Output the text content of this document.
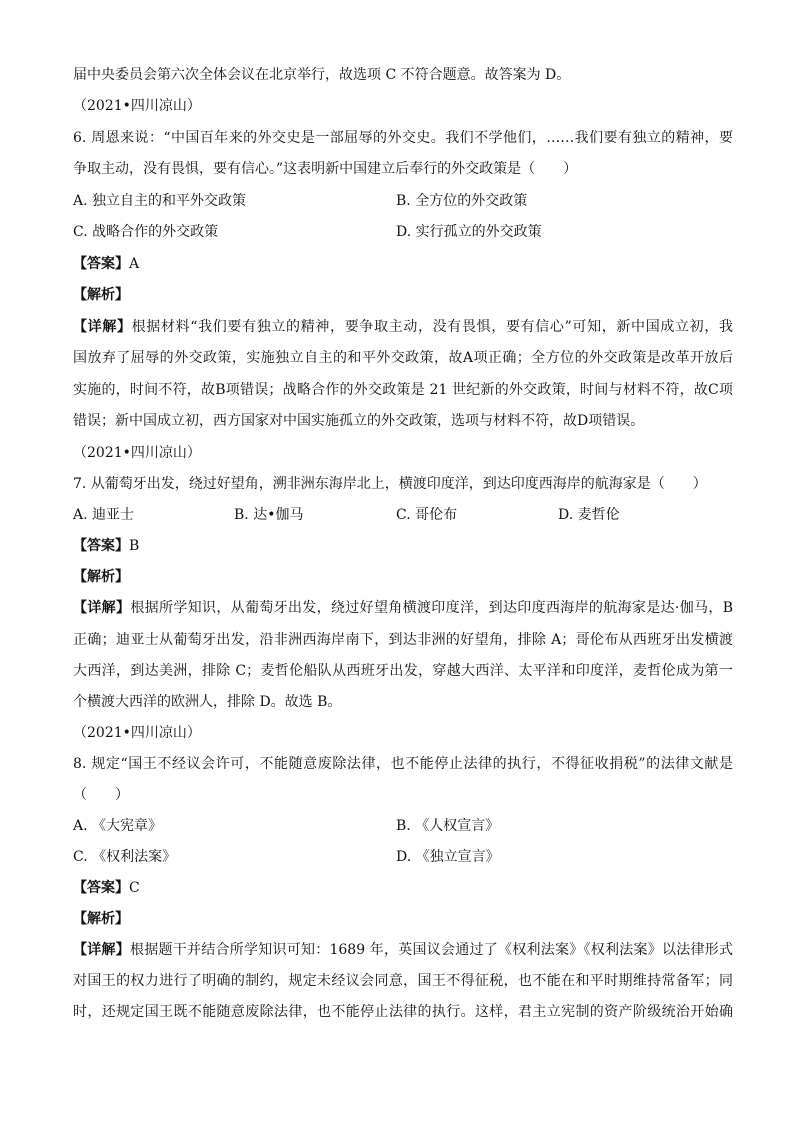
届中央委员会第六次全体会议在北京举行，故选项 C 不符合题意。故答案为 D。
（2021•四川凉山）
6. 周恩来说：“中国百年来的外交史是一部屈辱的外交史。我们不学他们，……我们要有独立的精神，要
争取主动，没有畏惧，要有信心。”这表明新中国建立后奉行的外交政策是（　　）
A. 独立自主的和平外交政策	B. 全方位的外交政策
C. 战略合作的外交政策	D. 实行孤立的外交政策
【答案】A
【解析】
【详解】根据材料“我们要有独立的精神，要争取主动，没有畏惧，要有信心”可知，新中国成立初，我
国放弃了屈辱的外交政策，实施独立自主的和平外交政策，故A项正确；全方位的外交政策是改革开放后
实施的，时间不符，故B项错误；战略合作的外交政策是 21 世纪新的外交政策，时间与材料不符，故C项
错误；新中国成立初，西方国家对中国实施孤立的外交政策，选项与材料不符，故D项错误。
（2021•四川凉山）
7. 从葡萄牙出发，绕过好望角，溯非洲东海岸北上，横渡印度洋，到达印度西海岸的航海家是（　　）
A. 迪亚士	B. 达•伽马	C. 哥伦布	D. 麦哲伦
【答案】B
【解析】
【详解】根据所学知识，从葡萄牙出发，绕过好望角横渡印度洋，到达印度西海岸的航海家是达·伽马，B
正确；迪亚士从葡萄牙出发，沿非洲西海岸南下，到达非洲的好望角，排除 A；哥伦布从西班牙出发横渡
大西洋，到达美洲，排除 C；麦哲伦船队从西班牙出发，穿越大西洋、太平洋和印度洋，麦哲伦成为第一
个横渡大西洋的欧洲人，排除 D。故选 B。
（2021•四川凉山）
8. 规定“国王不经议会许可，不能随意废除法律，也不能停止法律的执行，不得征收捐税”的法律文献是
（　　）
A. 《大宪章》	B. 《人权宣言》
C. 《权利法案》	D. 《独立宣言》
【答案】C
【解析】
【详解】根据题干并结合所学知识可知：1689 年，英国议会通过了《权利法案》《权利法案》以法律形式
对国王的权力进行了明确的制约，规定未经议会同意，国王不得征税，也不能在和平时期维持常备军；同
时，还规定国王既不能随意废除法律，也不能停止法律的执行。这样，君主立宪制的资产阶级统治开始确
